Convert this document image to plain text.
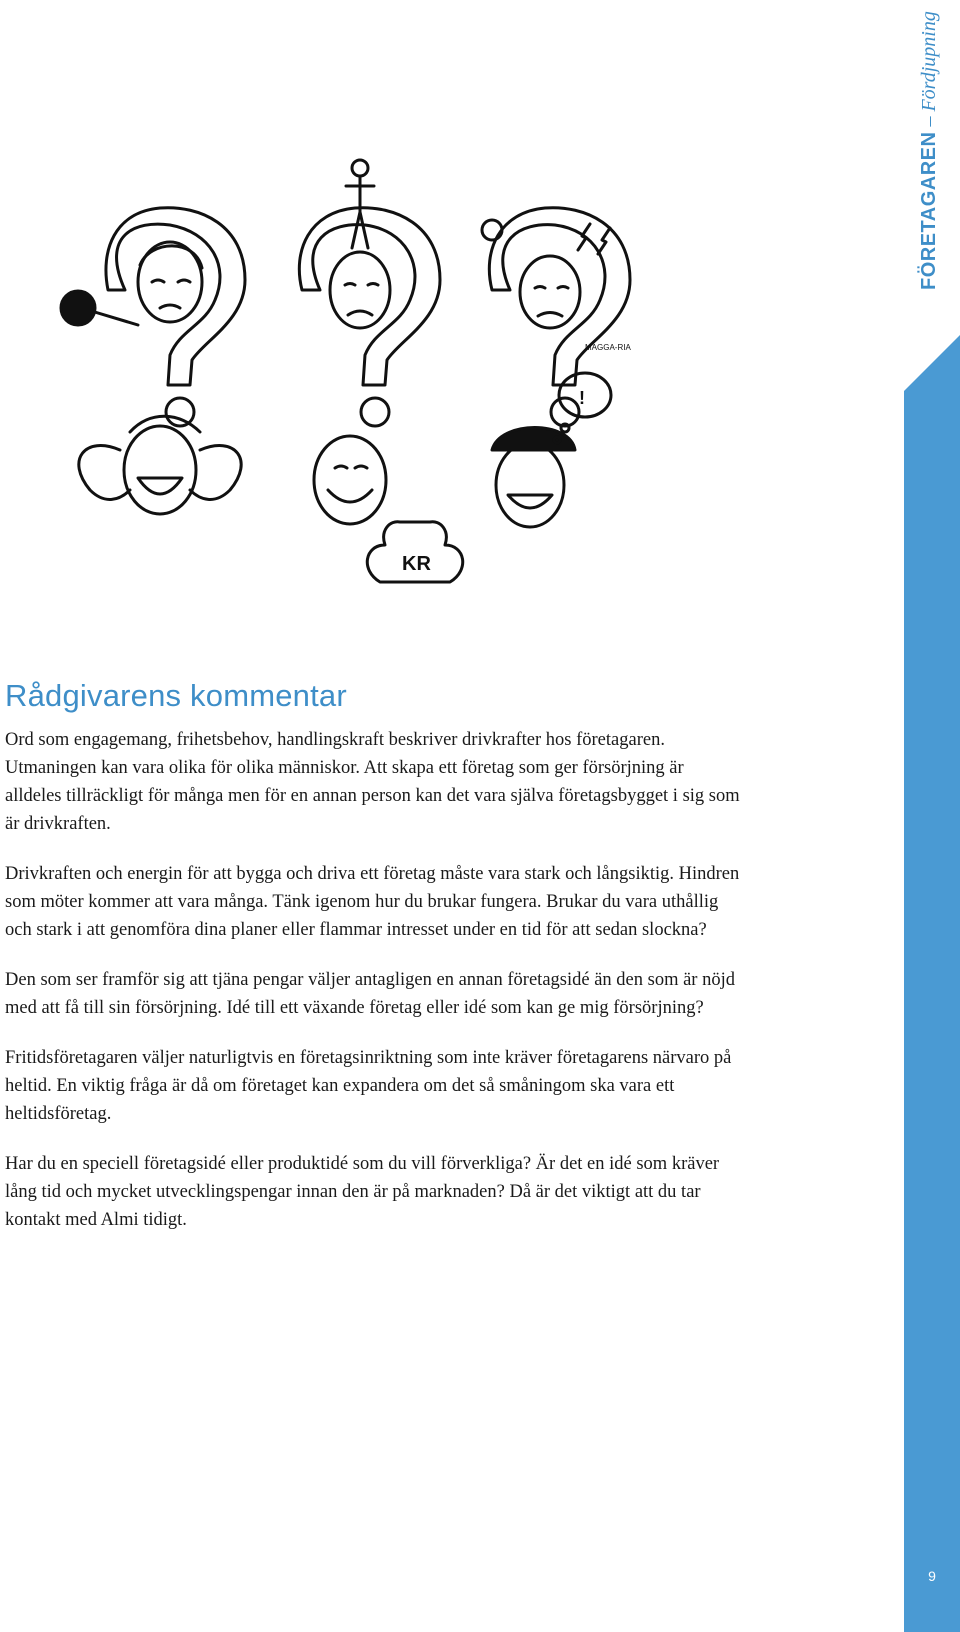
KR
MAGGA-RIA
!
Rådgivarens kommentar

Ord som engagemang, frihetsbehov, handlingskraft beskriver drivkrafter hos företagaren. Utmaningen kan vara olika för olika människor. Att skapa ett företag som ger försörjning är alldeles tillräckligt för många men för en annan person kan det vara själva företagsbygget i sig som är drivkraften.

Drivkraften och energin för att bygga och driva ett företag måste vara stark och långsiktig. Hindren som möter kommer att vara många. Tänk igenom hur du brukar fungera. Brukar du vara uthållig och stark i att genomföra dina planer eller flammar intresset under en tid för att sedan slockna?

Den som ser framför sig att tjäna pengar väljer antagligen en annan företagsidé än den som är nöjd med att få till sin försörjning. Idé till ett växande företag eller idé som kan ge mig försörjning?

Fritidsföretagaren väljer naturligtvis en företagsinriktning som inte kräver företagarens närvaro på heltid. En viktig fråga är då om företaget kan expandera om det så småningom ska vara ett heltidsföretag.

Har du en speciell företagsidé eller produktidé som du vill förverkliga? Är det en idé som kräver lång tid och mycket utvecklingspengar innan den är på marknaden? Då är det viktigt att du tar kontakt med Almi tidigt.

FÖRETAGAREN – Fördjupning
9
